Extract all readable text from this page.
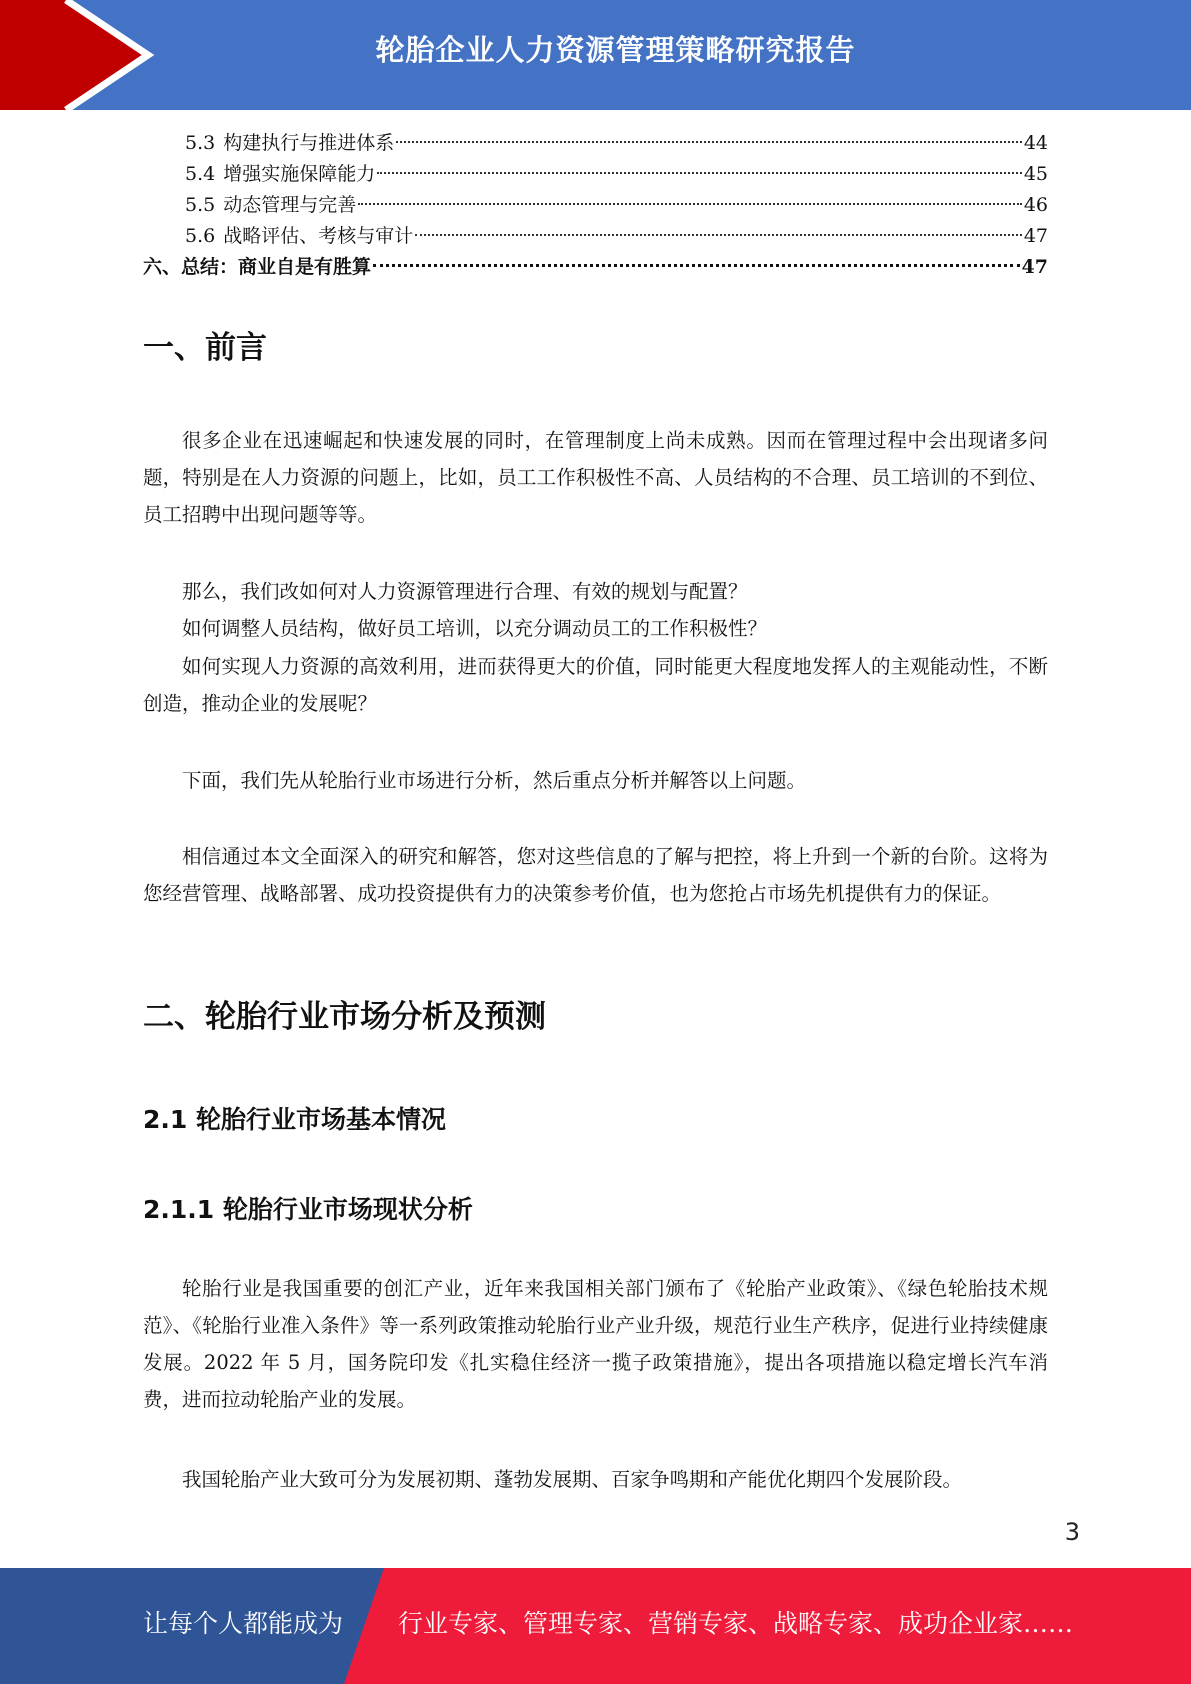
轮胎企业人力资源管理策略研究报告
5.3 构建执行与推进体系	44
5.4 增强实施保障能力	45
5.5 动态管理与完善	46
5.6 战略评估、考核与审计	47
六、总结：商业自是有胜算	47
一、前言

很多企业在迅速崛起和快速发展的同时，在管理制度上尚未成熟。因而在管理过程中会出现诸多问题，特别是在人力资源的问题上，比如，员工工作积极性不高、人员结构的不合理、员工培训的不到位、员工招聘中出现问题等等。

那么，我们改如何对人力资源管理进行合理、有效的规划与配置？

如何调整人员结构，做好员工培训，以充分调动员工的工作积极性？

如何实现人力资源的高效利用，进而获得更大的价值，同时能更大程度地发挥人的主观能动性，不断创造，推动企业的发展呢？

下面，我们先从轮胎行业市场进行分析，然后重点分析并解答以上问题。

相信通过本文全面深入的研究和解答，您对这些信息的了解与把控，将上升到一个新的台阶。这将为您经营管理、战略部署、成功投资提供有力的决策参考价值，也为您抢占市场先机提供有力的保证。

二、轮胎行业市场分析及预测
2.1 轮胎行业市场基本情况
2.1.1 轮胎行业市场现状分析

轮胎行业是我国重要的创汇产业，近年来我国相关部门颁布了《轮胎产业政策》、《绿色轮胎技术规范》、《轮胎行业准入条件》等一系列政策推动轮胎行业产业升级，规范行业生产秩序，促进行业持续健康发展。2022 年 5 月，国务院印发《扎实稳住经济一揽子政策措施》，提出各项措施以稳定增长汽车消费，进而拉动轮胎产业的发展。

我国轮胎产业大致可分为发展初期、蓬勃发展期、百家争鸣期和产能优化期四个发展阶段。

3
让每个人都能成为 行业专家、管理专家、营销专家、战略专家、成功企业家……
